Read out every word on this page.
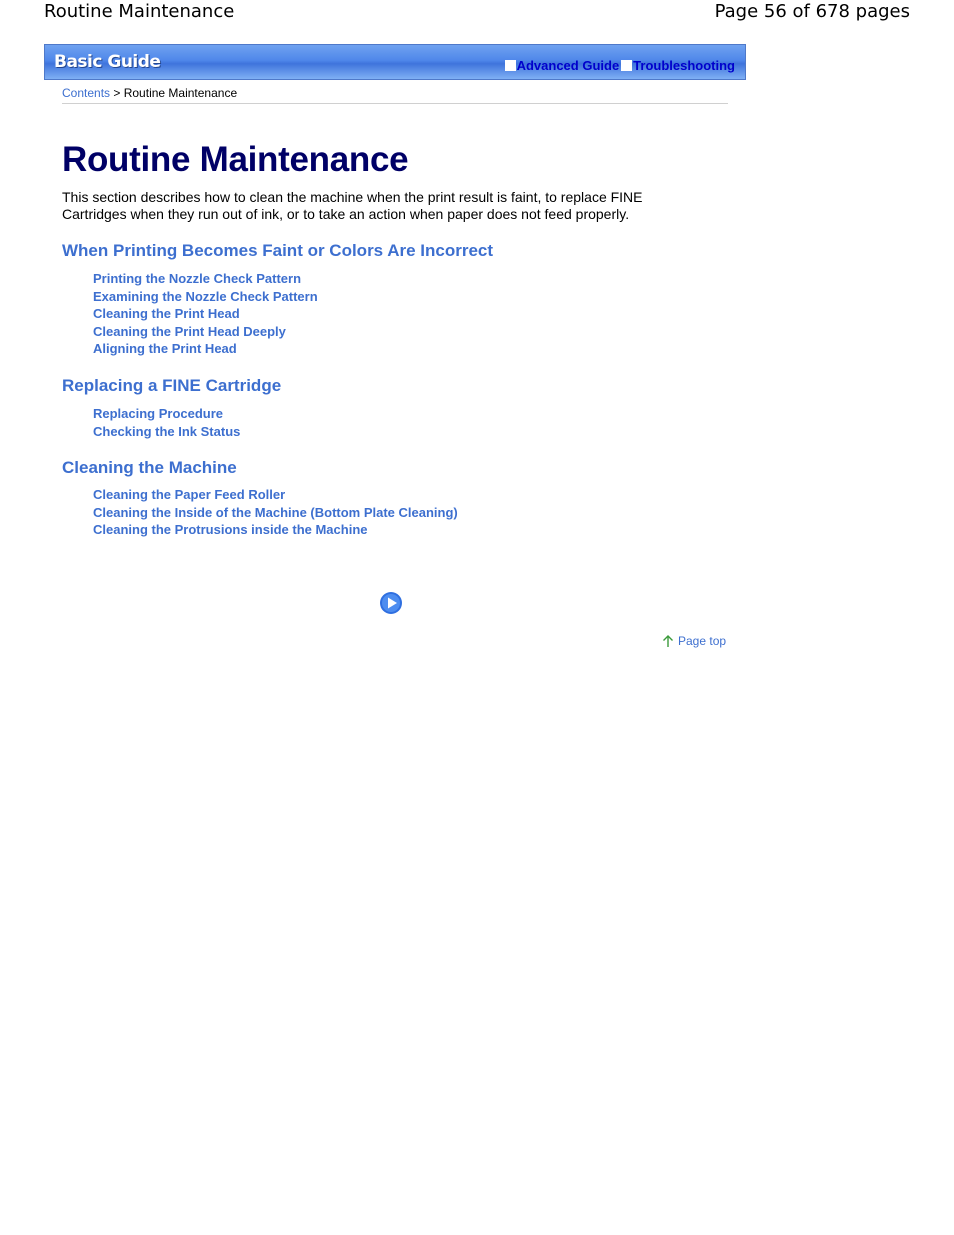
Routine Maintenance	Page 56 of 678 pages
Basic Guide	Advanced Guide Troubleshooting
Contents > Routine Maintenance
Routine Maintenance

This section describes how to clean the machine when the print result is faint, to replace FINE Cartridges when they run out of ink, or to take an action when paper does not feed properly.

When Printing Becomes Faint or Colors Are Incorrect
Printing the Nozzle Check Pattern
Examining the Nozzle Check Pattern
Cleaning the Print Head
Cleaning the Print Head Deeply
Aligning the Print Head
Replacing a FINE Cartridge
Replacing Procedure
Checking the Ink Status
Cleaning the Machine
Cleaning the Paper Feed Roller
Cleaning the Inside of the Machine (Bottom Plate Cleaning)
Cleaning the Protrusions inside the Machine
Page top
